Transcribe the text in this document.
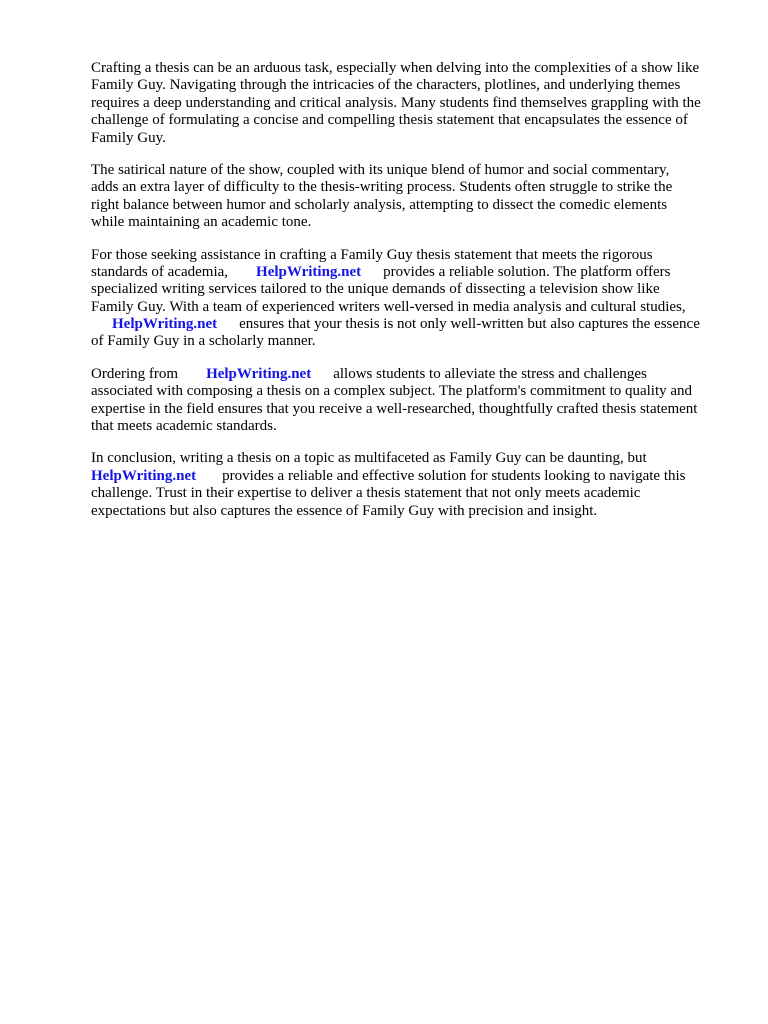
Crafting a thesis can be an arduous task, especially when delving into the complexities of a show like
Family Guy. Navigating through the intricacies of the characters, plotlines, and underlying themes
requires a deep understanding and critical analysis. Many students find themselves grappling with the
challenge of formulating a concise and compelling thesis statement that encapsulates the essence of
Family Guy.

The satirical nature of the show, coupled with its unique blend of humor and social commentary,
adds an extra layer of difficulty to the thesis-writing process. Students often struggle to strike the
right balance between humor and scholarly analysis, attempting to dissect the comedic elements
while maintaining an academic tone.

For those seeking assistance in crafting a Family Guy thesis statement that meets the rigorous
standards of academia, HelpWriting.net provides a reliable solution. The platform offers
specialized writing services tailored to the unique demands of dissecting a television show like
Family Guy. With a team of experienced writers well-versed in media analysis and cultural studies,
HelpWriting.net ensures that your thesis is not only well-written but also captures the essence
of Family Guy in a scholarly manner.

Ordering from HelpWriting.net allows students to alleviate the stress and challenges
associated with composing a thesis on a complex subject. The platform's commitment to quality and
expertise in the field ensures that you receive a well-researched, thoughtfully crafted thesis statement
that meets academic standards.

In conclusion, writing a thesis on a topic as multifaceted as Family Guy can be daunting, but
HelpWriting.net provides a reliable and effective solution for students looking to navigate this
challenge. Trust in their expertise to deliver a thesis statement that not only meets academic
expectations but also captures the essence of Family Guy with precision and insight.
